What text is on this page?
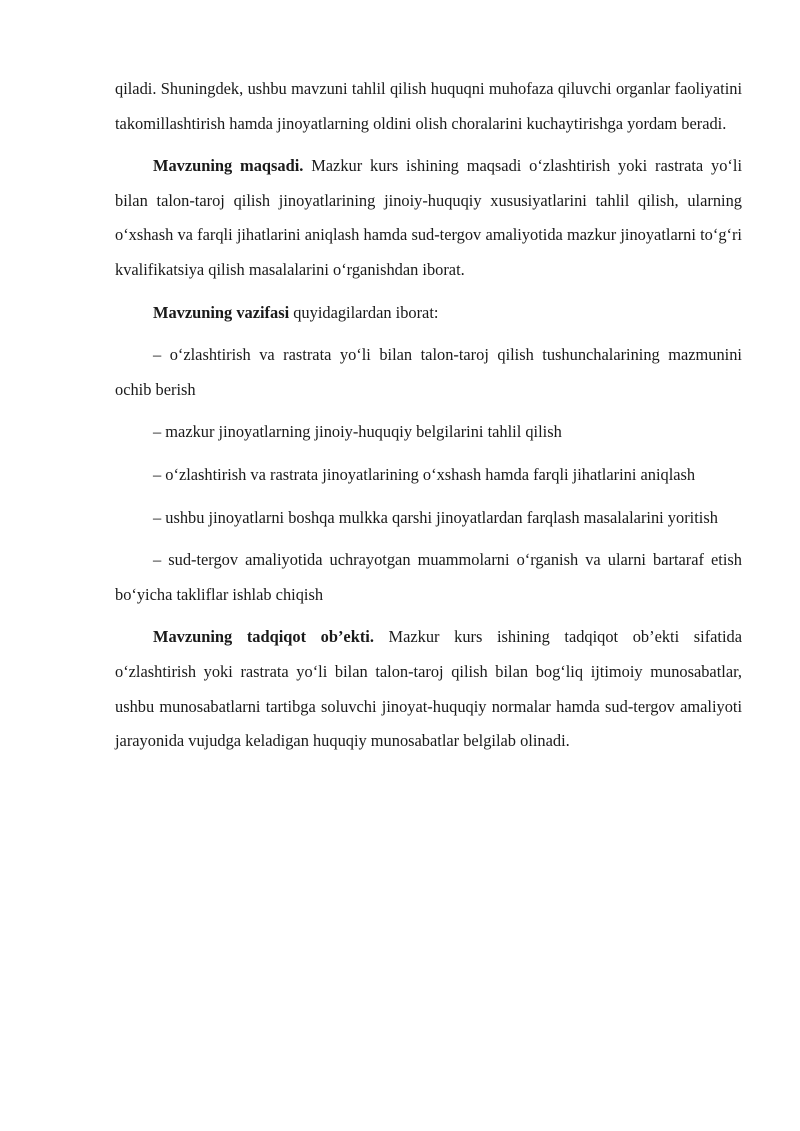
qiladi. Shuningdek, ushbu mavzuni tahlil qilish huquqni muhofaza qiluvchi organlar faoliyatini takomillashtirish hamda jinoyatlarning oldini olish choralarini kuchaytirishga yordam beradi.

Mavzuning maqsadi. Mazkur kurs ishining maqsadi o‘zlashtirish yoki rastrata yo‘li bilan talon-taroj qilish jinoyatlarining jinoiy-huquqiy xususiyatlarini tahlil qilish, ularning o‘xshash va farqli jihatlarini aniqlash hamda sud-tergov amaliyotida mazkur jinoyatlarni to‘g‘ri kvalifikatsiya qilish masalalarini o‘rganishdan iborat.

Mavzuning vazifasi quyidagilardan iborat:

– o‘zlashtirish va rastrata yo‘li bilan talon-taroj qilish tushunchalarining mazmunini ochib berish

– mazkur jinoyatlarning jinoiy-huquqiy belgilarini tahlil qilish

– o‘zlashtirish va rastrata jinoyatlarining o‘xshash hamda farqli jihatlarini aniqlash

– ushbu jinoyatlarni boshqa mulkka qarshi jinoyatlardan farqlash masalalarini yoritish

– sud-tergov amaliyotida uchrayotgan muammolarni o‘rganish va ularni bartaraf etish bo‘yicha takliflar ishlab chiqish

Mavzuning tadqiqot ob’ekti. Mazkur kurs ishining tadqiqot ob’ekti sifatida o‘zlashtirish yoki rastrata yo‘li bilan talon-taroj qilish bilan bog‘liq ijtimoiy munosabatlar, ushbu munosabatlarni tartibga soluvchi jinoyat-huquqiy normalar hamda sud-tergov amaliyoti jarayonida vujudga keladigan huquqiy munosabatlar belgilab olinadi.
